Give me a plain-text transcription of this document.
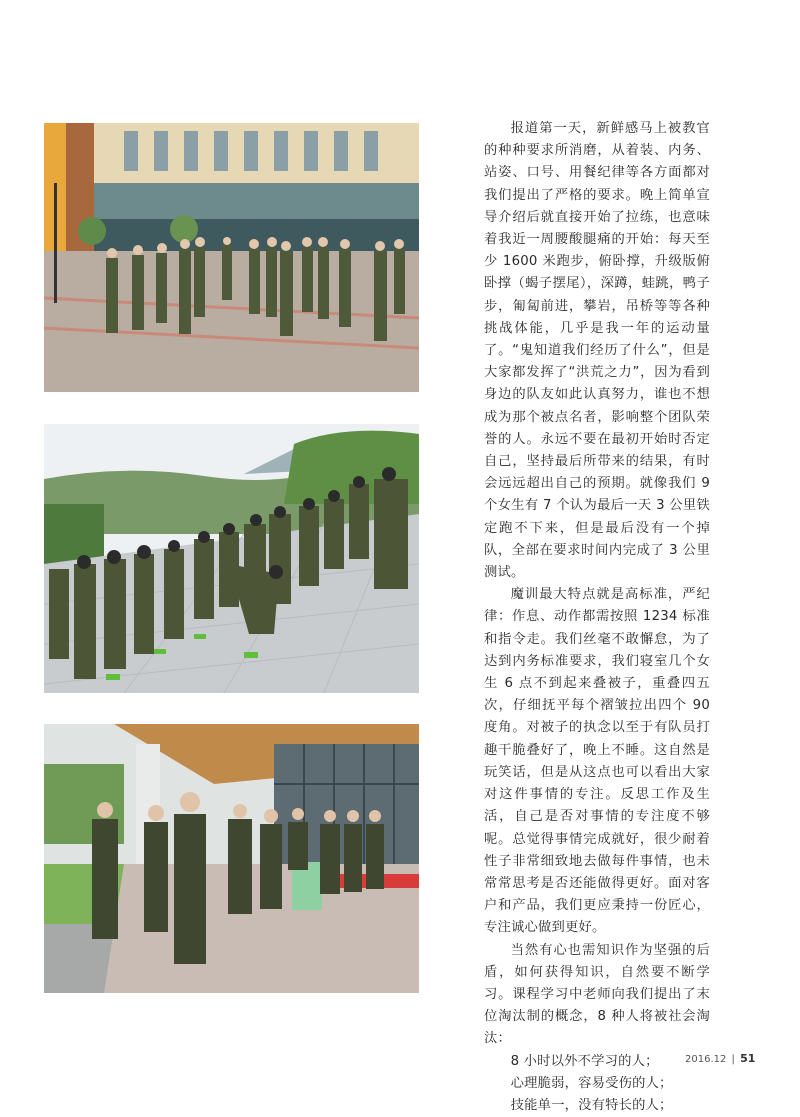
报道第一天，新鲜感马上被教官的种种要求所消磨，从着装、内务、站姿、口号、用餐纪律等各方面都对我们提出了严格的要求。晚上简单宣导介绍后就直接开始了拉练，也意味着我近一周腰酸腿痛的开始：每天至少 1600 米跑步，俯卧撑，升级版俯卧撑（蝎子摆尾），深蹲，蛙跳，鸭子步，匍匐前进，攀岩，吊桥等等各种挑战体能，几乎是我一年的运动量了。“鬼知道我们经历了什么”，但是大家都发挥了“洪荒之力”，因为看到身边的队友如此认真努力，谁也不想成为那个被点名者，影响整个团队荣誉的人。永远不要在最初开始时否定自己，坚持最后所带来的结果，有时会远远超出自己的预期。就像我们 9 个女生有 7 个认为最后一天 3 公里铁定跑不下来，但是最后没有一个掉队，全部在要求时间内完成了 3 公里测试。

魔训最大特点就是高标准，严纪律：作息、动作都需按照 1234 标准和指令走。我们丝毫不敢懈怠，为了达到内务标准要求，我们寝室几个女生 6 点不到起来叠被子，重叠四五次，仔细抚平每个褶皱拉出四个 90 度角。对被子的执念以至于有队员打趣干脆叠好了，晚上不睡。这自然是玩笑话，但是从这点也可以看出大家对这件事情的专注。反思工作及生活，自己是否对事情的专注度不够呢。总觉得事情完成就好，很少耐着性子非常细致地去做每件事情，也未常常思考是否还能做得更好。面对客户和产品，我们更应秉持一份匠心，专注诚心做到更好。

当然有心也需知识作为坚强的后盾，如何获得知识，自然要不断学习。课程学习中老师向我们提出了末位淘汰制的概念，8 种人将被社会淘汰：

8 小时以外不学习的人；

心理脆弱，容易受伤的人；

技能单一，没有特长的人；

2016.12 | 51
